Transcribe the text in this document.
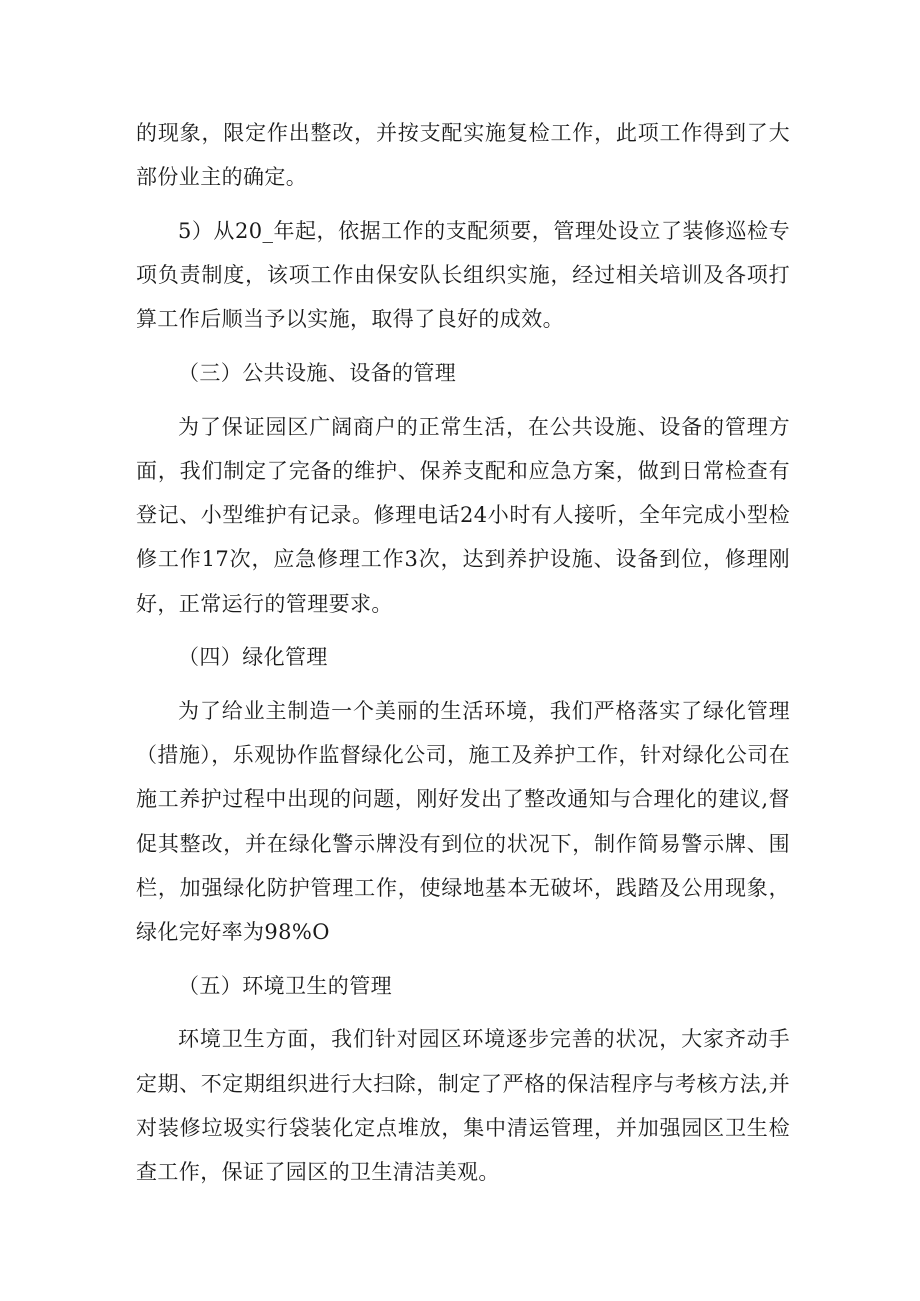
的现象，限定作出整改，并按支配实施复检工作，此项工作得到了大部份业主的确定。

5）从20_年起，依据工作的支配须要，管理处设立了装修巡检专项负责制度，该项工作由保安队长组织实施，经过相关培训及各项打算工作后顺当予以实施，取得了良好的成效。

（三）公共设施、设备的管理

为了保证园区广阔商户的正常生活，在公共设施、设备的管理方面，我们制定了完备的维护、保养支配和应急方案，做到日常检查有登记、小型维护有记录。修理电话24小时有人接听，全年完成小型检修工作17次，应急修理工作3次，达到养护设施、设备到位，修理刚好，正常运行的管理要求。

（四）绿化管理

为了给业主制造一个美丽的生活环境，我们严格落实了绿化管理（措施），乐观协作监督绿化公司，施工及养护工作，针对绿化公司在施工养护过程中出现的问题，刚好发出了整改通知与合理化的建议,督促其整改，并在绿化警示牌没有到位的状况下，制作简易警示牌、围栏，加强绿化防护管理工作，使绿地基本无破坏，践踏及公用现象，绿化完好率为98%O

（五）环境卫生的管理

环境卫生方面，我们针对园区环境逐步完善的状况，大家齐动手定期、不定期组织进行大扫除，制定了严格的保洁程序与考核方法,并对装修垃圾实行袋装化定点堆放，集中清运管理，并加强园区卫生检查工作，保证了园区的卫生清洁美观。
